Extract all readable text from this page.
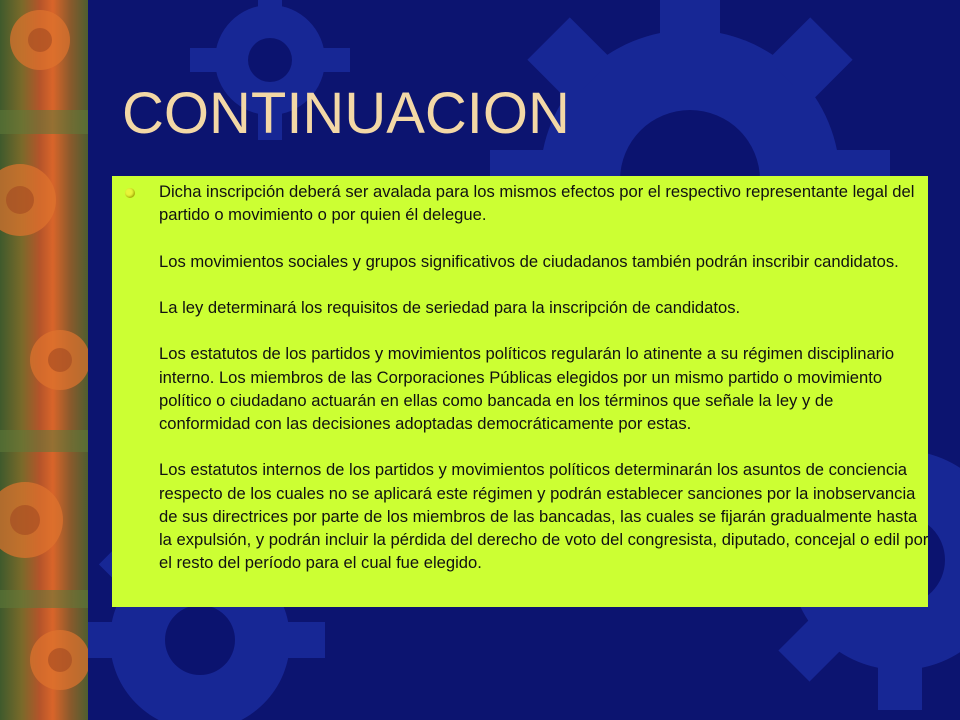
CONTINUACION

Dicha inscripción deberá ser avalada para los mismos efectos por el respectivo representante legal del partido o movimiento o por quien él delegue.

Los movimientos sociales y grupos significativos de ciudadanos también podrán inscribir candidatos.

La ley determinará los requisitos de seriedad para la inscripción de candidatos.

Los estatutos de los partidos y movimientos políticos regularán lo atinente a su régimen disciplinario interno. Los miembros de las Corporaciones Públicas elegidos por un mismo partido o movimiento político o ciudadano actuarán en ellas como bancada en los términos que señale la ley y de conformidad con las decisiones adoptadas democráticamente por estas.

Los estatutos internos de los partidos y movimientos políticos determinarán los asuntos de conciencia respecto de los cuales no se aplicará este régimen y podrán establecer sanciones por la inobservancia de sus directrices por parte de los miembros de las bancadas, las cuales se fijarán gradualmente hasta la expulsión, y podrán incluir la pérdida del derecho de voto del congresista, diputado, concejal o edil por el resto del período para el cual fue elegido.
